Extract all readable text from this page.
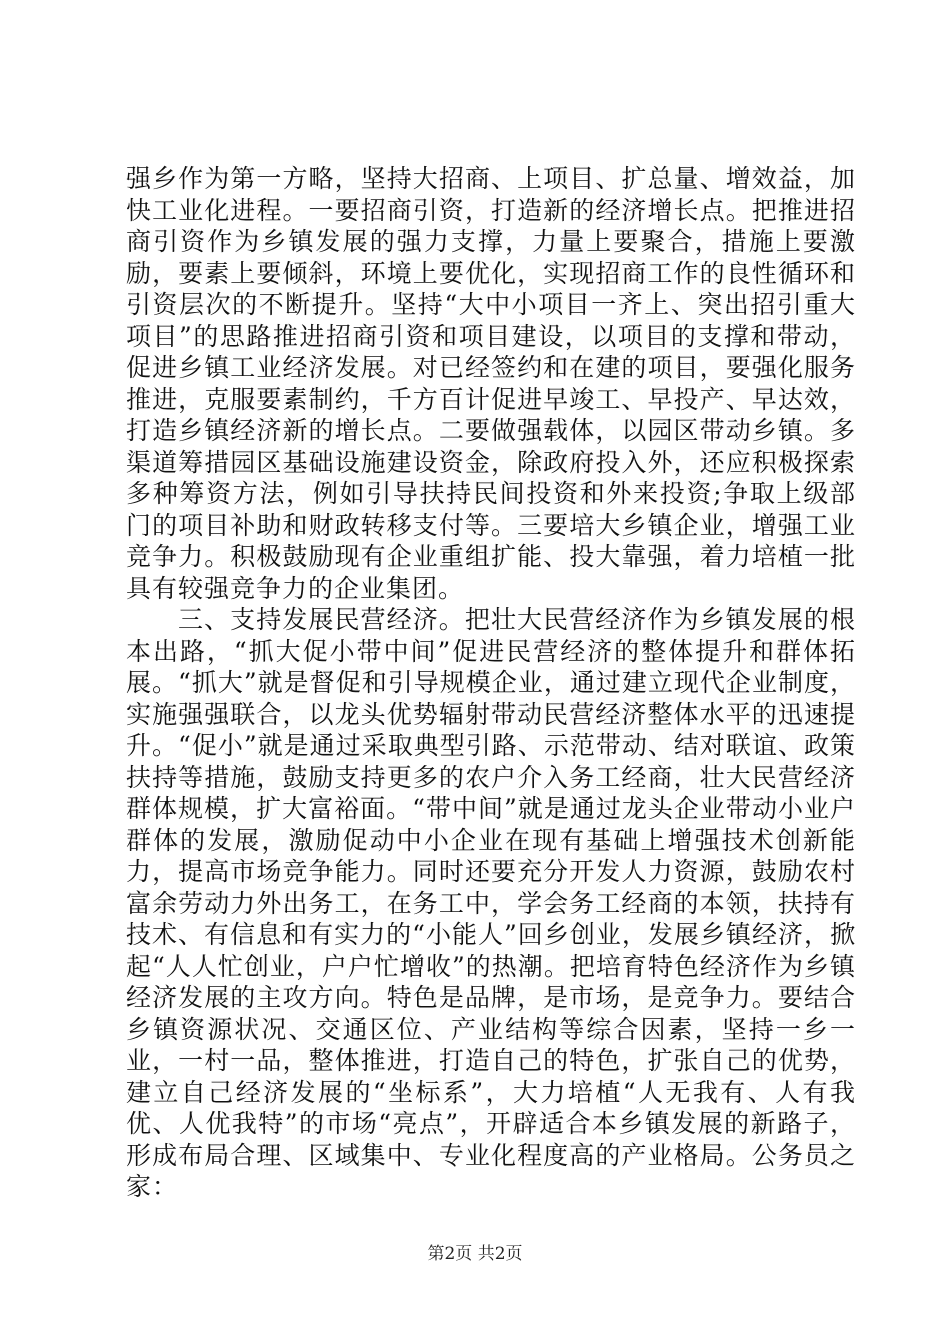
强乡作为第一方略，坚持大招商、上项目、扩总量、增效益，加快工业化进程。一要招商引资，打造新的经济增长点。把推进招商引资作为乡镇发展的强力支撑，力量上要聚合，措施上要激励，要素上要倾斜，环境上要优化，实现招商工作的良性循环和引资层次的不断提升。坚持“大中小项目一齐上、突出招引重大项目”的思路推进招商引资和项目建设，以项目的支撑和带动，促进乡镇工业经济发展。对已经签约和在建的项目，要强化服务推进，克服要素制约，千方百计促进早竣工、早投产、早达效，打造乡镇经济新的增长点。二要做强载体，以园区带动乡镇。多渠道筹措园区基础设施建设资金，除政府投入外，还应积极探索多种筹资方法，例如引导扶持民间投资和外来投资;争取上级部门的项目补助和财政转移支付等。三要培大乡镇企业，增强工业竞争力。积极鼓励现有企业重组扩能、投大靠强，着力培植一批具有较强竞争力的企业集团。

三、支持发展民营经济。把壮大民营经济作为乡镇发展的根本出路，“抓大促小带中间”促进民营经济的整体提升和群体拓展。“抓大”就是督促和引导规模企业，通过建立现代企业制度，实施强强联合，以龙头优势辐射带动民营经济整体水平的迅速提升。“促小”就是通过采取典型引路、示范带动、结对联谊、政策扶持等措施，鼓励支持更多的农户介入务工经商，壮大民营经济群体规模，扩大富裕面。“带中间”就是通过龙头企业带动小业户群体的发展，激励促动中小企业在现有基础上增强技术创新能力，提高市场竞争能力。同时还要充分开发人力资源，鼓励农村富余劳动力外出务工，在务工中，学会务工经商的本领，扶持有技术、有信息和有实力的“小能人”回乡创业，发展乡镇经济，掀起“人人忙创业，户户忙增收”的热潮。把培育特色经济作为乡镇经济发展的主攻方向。特色是品牌，是市场，是竞争力。要结合乡镇资源状况、交通区位、产业结构等综合因素，坚持一乡一业，一村一品，整体推进，打造自己的特色，扩张自己的优势，建立自己经济发展的“坐标系”，大力培植“人无我有、人有我优、人优我特”的市场“亮点”，开辟适合本乡镇发展的新路子，形成布局合理、区域集中、专业化程度高的产业格局。公务员之家：

第2页 共2页
